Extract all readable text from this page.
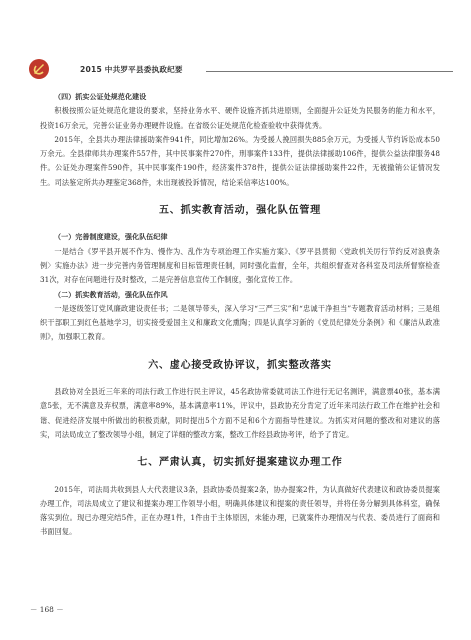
2015 中共罗平县委执政纪要

（四）抓实公证处规范化建设

积极按照公证处规范化建设的要求，坚持业务水平、硬件设施齐抓共进原则，全面提升公证处为民服务的能力和水平，投资16万余元，完善公证业务办理硬件设施。在省级公证处规范化检查验收中获得优秀。

2015年，全县共办理法律援助案件941件，同比增加26%。为受援人挽回损失885余万元，为受援人节约诉讼成本50万余元。全县律师共办理案件557件，其中民事案件270件，刑事案件133件，提供法律援助106件，提供公益法律服务48件。公证处办理案件590件，其中民事案件190件，经济案件378件，提供公证法律援助案件22件，无被撤销公证情况发生。司法鉴定所共办理鉴定368件，未出现被投诉情况，结论采信率达100%。

五、抓实教育活动，强化队伍管理

（一）完善制度建设，强化队伍纪律

一是结合《罗平县开展不作为、慢作为、乱作为专项治理工作实施方案》、《罗平县贯彻〈党政机关厉行节约反对浪费条例〉实施办法》进一步完善内务管理制度和目标管理责任制，同时强化监督，全年，共组织督查对各科室及司法所督察检查31次，对存在问题进行及时整改，二是完善信息宣传工作制度，强化宣传工作。

（二）抓实教育活动，强化队伍作风

一是逐级签订党风廉政建设责任书；二是领导带头，深入学习“三严三实”和“忠诚干净担当”专题教育活动材料；三是组织干部职工到红色基地学习，切实接受爱国主义和廉政文化熏陶；四是认真学习新的《党员纪律处分条例》和《廉洁从政准则》，加强职工教育。

六、虚心接受政协评议，抓实整改落实

县政协对全县近三年来的司法行政工作进行民主评议，45名政协常委就司法工作进行无记名测评，满意票40张，基本满意5张，无不满意及弃权票，满意率89%，基本满意率11%，评议中，县政协充分肯定了近年来司法行政工作在维护社会和谐、促进经济发展中所做出的积极贡献，同时提出5个方面不足和6个方面指导性建议。为抓实对问题的整改和对建议的落实，司法局成立了整改领导小组，制定了详细的整改方案，整改工作经县政协考评，给予了肯定。

七、严肃认真，切实抓好提案建议办理工作

2015年，司法局共收到县人大代表建议3条，县政协委员提案2条，协办提案2件，为认真做好代表建议和政协委员提案办理工作，司法局成立了建议和提案办理工作领导小组，明确具体建议和提案的责任领导，并将任务分解到具体科室，确保落实到位。现已办理完结5件，正在办理1件，1件由于主体原因，未能办理，已就案件办理情况与代表、委员进行了面商和书面回复。

－ 168 －
